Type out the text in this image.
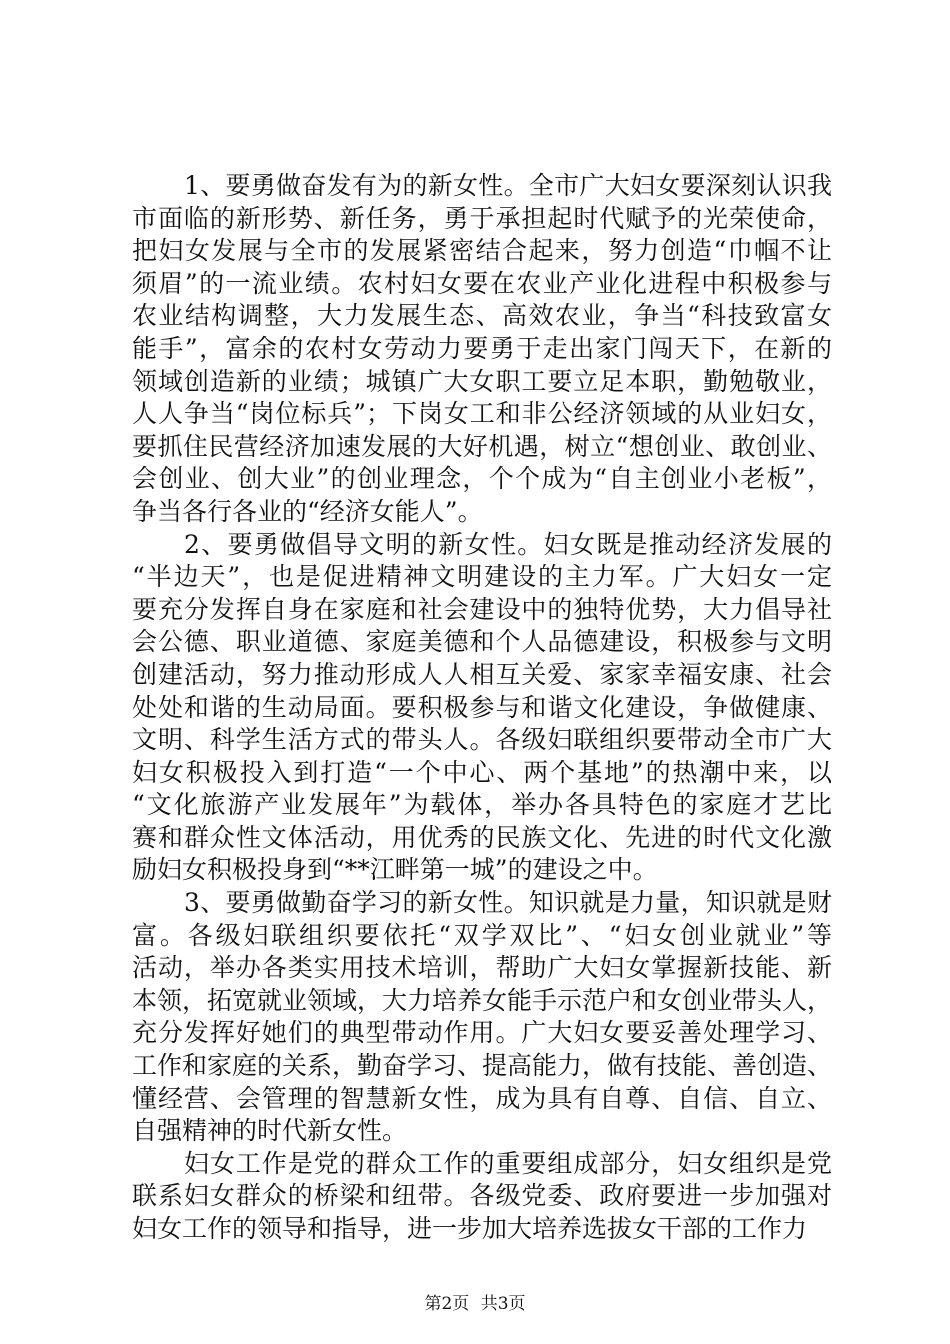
1、要勇做奋发有为的新女性。全市广大妇女要深刻认识我
市面临的新形势、新任务，勇于承担起时代赋予的光荣使命，
把妇女发展与全市的发展紧密结合起来，努力创造“巾帼不让
须眉”的一流业绩。农村妇女要在农业产业化进程中积极参与
农业结构调整，大力发展生态、高效农业，争当“科技致富女
能手”，富余的农村女劳动力要勇于走出家门闯天下，在新的
领域创造新的业绩；城镇广大女职工要立足本职，勤勉敬业，
人人争当“岗位标兵”；下岗女工和非公经济领域的从业妇女，
要抓住民营经济加速发展的大好机遇，树立“想创业、敢创业、
会创业、创大业”的创业理念，个个成为“自主创业小老板”，
争当各行各业的“经济女能人”。
2、要勇做倡导文明的新女性。妇女既是推动经济发展的
“半边天”，也是促进精神文明建设的主力军。广大妇女一定
要充分发挥自身在家庭和社会建设中的独特优势，大力倡导社
会公德、职业道德、家庭美德和个人品德建设，积极参与文明
创建活动，努力推动形成人人相互关爱、家家幸福安康、社会
处处和谐的生动局面。要积极参与和谐文化建设，争做健康、
文明、科学生活方式的带头人。各级妇联组织要带动全市广大
妇女积极投入到打造“一个中心、两个基地”的热潮中来，以
“文化旅游产业发展年”为载体，举办各具特色的家庭才艺比
赛和群众性文体活动，用优秀的民族文化、先进的时代文化激
励妇女积极投身到“**江畔第一城”的建设之中。
3、要勇做勤奋学习的新女性。知识就是力量，知识就是财
富。各级妇联组织要依托“双学双比”、“妇女创业就业”等
活动，举办各类实用技术培训，帮助广大妇女掌握新技能、新
本领，拓宽就业领域，大力培养女能手示范户和女创业带头人，
充分发挥好她们的典型带动作用。广大妇女要妥善处理学习、
工作和家庭的关系，勤奋学习、提高能力，做有技能、善创造、
懂经营、会管理的智慧新女性，成为具有自尊、自信、自立、
自强精神的时代新女性。
妇女工作是党的群众工作的重要组成部分，妇女组织是党
联系妇女群众的桥梁和纽带。各级党委、政府要进一步加强对
妇女工作的领导和指导，进一步加大培养选拔女干部的工作力
第2页 共3页
